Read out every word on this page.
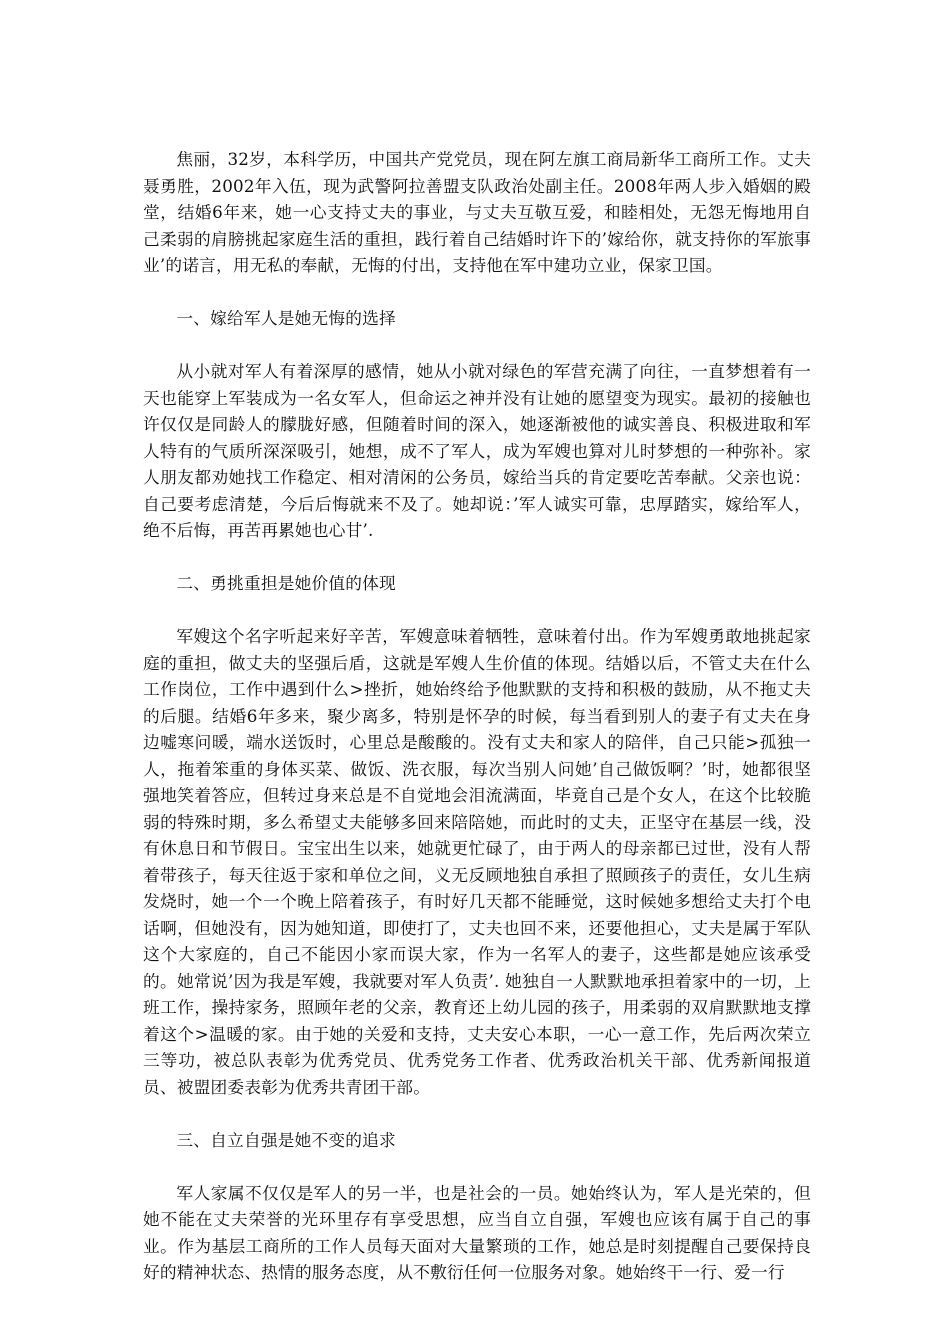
焦丽，32岁，本科学历，中国共产党党员，现在阿左旗工商局新华工商所工作。丈夫聂勇胜，2002年入伍，现为武警阿拉善盟支队政治处副主任。2008年两人步入婚姻的殿堂，结婚6年来，她一心支持丈夫的事业，与丈夫互敬互爱，和睦相处，无怨无悔地用自己柔弱的肩膀挑起家庭生活的重担，践行着自己结婚时许下的’嫁给你，就支持你的军旅事业’的诺言，用无私的奉献，无悔的付出，支持他在军中建功立业，保家卫国。

一、嫁给军人是她无悔的选择

从小就对军人有着深厚的感情，她从小就对绿色的军营充满了向往，一直梦想着有一天也能穿上军装成为一名女军人，但命运之神并没有让她的愿望变为现实。最初的接触也许仅仅是同龄人的朦胧好感，但随着时间的深入，她逐渐被他的诚实善良、积极进取和军人特有的气质所深深吸引，她想，成不了军人，成为军嫂也算对儿时梦想的一种弥补。家人朋友都劝她找工作稳定、相对清闲的公务员，嫁给当兵的肯定要吃苦奉献。父亲也说：自己要考虑清楚，今后后悔就来不及了。她却说：’军人诚实可靠，忠厚踏实，嫁给军人，绝不后悔，再苦再累她也心甘’.

二、勇挑重担是她价值的体现

军嫂这个名字听起来好辛苦，军嫂意味着牺牲，意味着付出。作为军嫂勇敢地挑起家庭的重担，做丈夫的坚强后盾，这就是军嫂人生价值的体现。结婚以后，不管丈夫在什么工作岗位，工作中遇到什么>挫折，她始终给予他默默的支持和积极的鼓励，从不拖丈夫的后腿。结婚6年多来，聚少离多，特别是怀孕的时候，每当看到别人的妻子有丈夫在身边嘘寒问暖，端水送饭时，心里总是酸酸的。没有丈夫和家人的陪伴，自己只能>孤独一人，拖着笨重的身体买菜、做饭、洗衣服，每次当别人问她’自己做饭啊？’时，她都很坚强地笑着答应，但转过身来总是不自觉地会泪流满面，毕竟自己是个女人，在这个比较脆弱的特殊时期，多么希望丈夫能够多回来陪陪她，而此时的丈夫，正坚守在基层一线，没有休息日和节假日。宝宝出生以来，她就更忙碌了，由于两人的母亲都已过世，没有人帮着带孩子，每天往返于家和单位之间，义无反顾地独自承担了照顾孩子的责任，女儿生病发烧时，她一个一个晚上陪着孩子，有时好几天都不能睡觉，这时候她多想给丈夫打个电话啊，但她没有，因为她知道，即使打了，丈夫也回不来，还要他担心，丈夫是属于军队这个大家庭的，自己不能因小家而误大家，作为一名军人的妻子，这些都是她应该承受的。她常说’因为我是军嫂，我就要对军人负责’. 她独自一人默默地承担着家中的一切，上班工作，操持家务，照顾年老的父亲，教育还上幼儿园的孩子，用柔弱的双肩默默地支撑着这个>温暖的家。由于她的关爱和支持，丈夫安心本职，一心一意工作，先后两次荣立三等功，被总队表彰为优秀党员、优秀党务工作者、优秀政治机关干部、优秀新闻报道员、被盟团委表彰为优秀共青团干部。

三、自立自强是她不变的追求

军人家属不仅仅是军人的另一半，也是社会的一员。她始终认为，军人是光荣的，但她不能在丈夫荣誉的光环里存有享受思想，应当自立自强，军嫂也应该有属于自己的事业。作为基层工商所的工作人员每天面对大量繁琐的工作，她总是时刻提醒自己要保持良好的精神状态、热情的服务态度，从不敷衍任何一位服务对象。她始终干一行、爱一行
